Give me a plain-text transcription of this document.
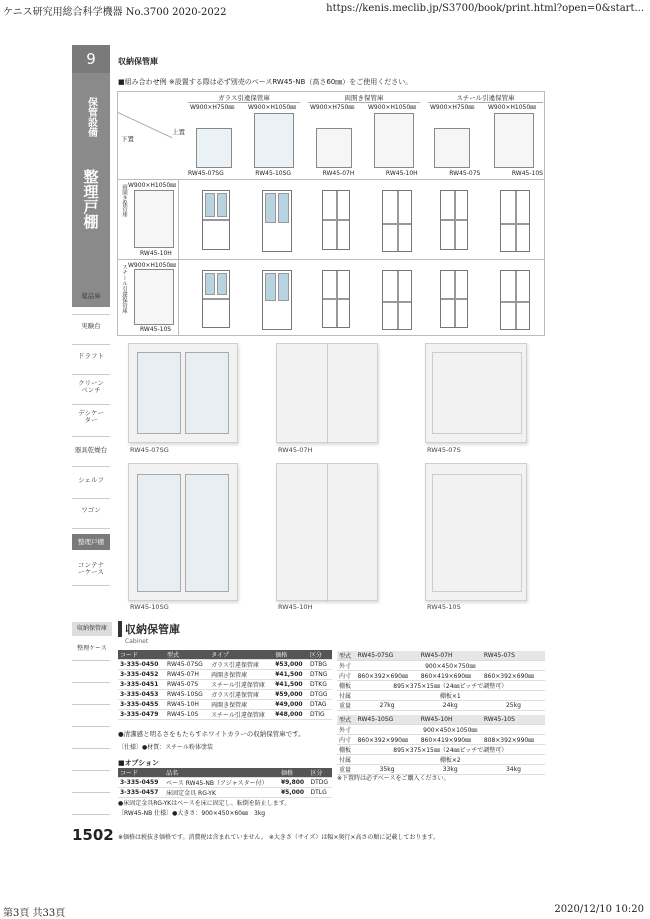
ケニス研究用総合科学機器 No.3700 2020-2022	https://kenis.meclib.jp/S3700/book/print.html?open=0&start...
9
保管設備
整理戸棚
薬品庫
実験台
ドラフト
クリーンベンチ
デシケーター
器具乾燥台
シェルフ
ワゴン
整理戸棚
コンテナーケース
収納保管庫
■組み合わせ例 ※設置する際は必ず別売のベースRW45-NB（高さ60㎜）をご使用ください。
ガラス引違保管庫	両開き保管庫	スチール引違保管庫
W900×H750㎜ W900×H1050㎜ W900×H750㎜ W900×H1050㎜ W900×H750㎜ W900×H1050㎜
上置
下置
RW45-07SG	RW45-10SG	RW45-07H	RW45-10H	RW45-07S	RW45-10S
両開き保管庫 W900×H1050㎜
RW45-10H
スチール引違保管庫 W900×H1050㎜
RW45-10S
RW45-07SG	RW45-07H	RW45-07S
RW45-10SG	RW45-10H	RW45-10S
収納保管庫
整理ケース
収納保管庫
Cabinet
コード	型式	タイプ	価格	区分
3-335-0450	RW45-07SG	ガラス引違保管庫	¥53,000	DTBG
3-335-0452	RW45-07H	両開き保管庫	¥41,500	DTNG
3-335-0451	RW45-07S	スチール引違保管庫	¥41,500	DTKG
3-335-0453	RW45-10SG	ガラス引違保管庫	¥59,000	DTGG
3-335-0455	RW45-10H	両開き保管庫	¥49,000	DTAG
3-335-0479	RW45-10S	スチール引違保管庫	¥48,000	DTIG
●清潔感と明るさをもたらすホワイトカラーの収納保管庫です。
〔仕様〕●材質：スチール粉体塗装
■オプション
コード	品名	価格	区分
3-335-0459	ベース RW45-NB（アジャスター付）	¥9,800	DTDG
3-335-0457	床固定金具 RG-YK	¥5,000	DTLG
●床固定金具RG-YKはベースを床に固定し、転倒を防止します。
〔RW45-NB 仕様〕●大きさ：900×450×60㎜　3kg
型式	RW45-07SG	RW45-07H	RW45-07S
外寸	900×450×750㎜		
内寸	860×392×690㎜	860×419×690㎜	860×392×690㎜
棚板	895×375×15㎜（24㎜ピッチで調整可）		
付属	棚板×1		
重量	27kg	24kg	25kg
型式	RW45-10SG	RW45-10H	RW45-10S
外寸	900×450×1050㎜		
内寸	860×392×990㎜	860×419×990㎜	808×392×990㎜
棚板	895×375×15㎜（24㎜ピッチで調整可）		
付属	棚板×2		
重量	35kg	33kg	34kg
※下置時は必ずベースをご購入ください。
1502 ※価格は税抜き価格です。消費税は含まれていません。 ※大きさ（サイズ）は幅×奥行×高さの順に記載しております。
第3頁 共33頁	2020/12/10 10:20
